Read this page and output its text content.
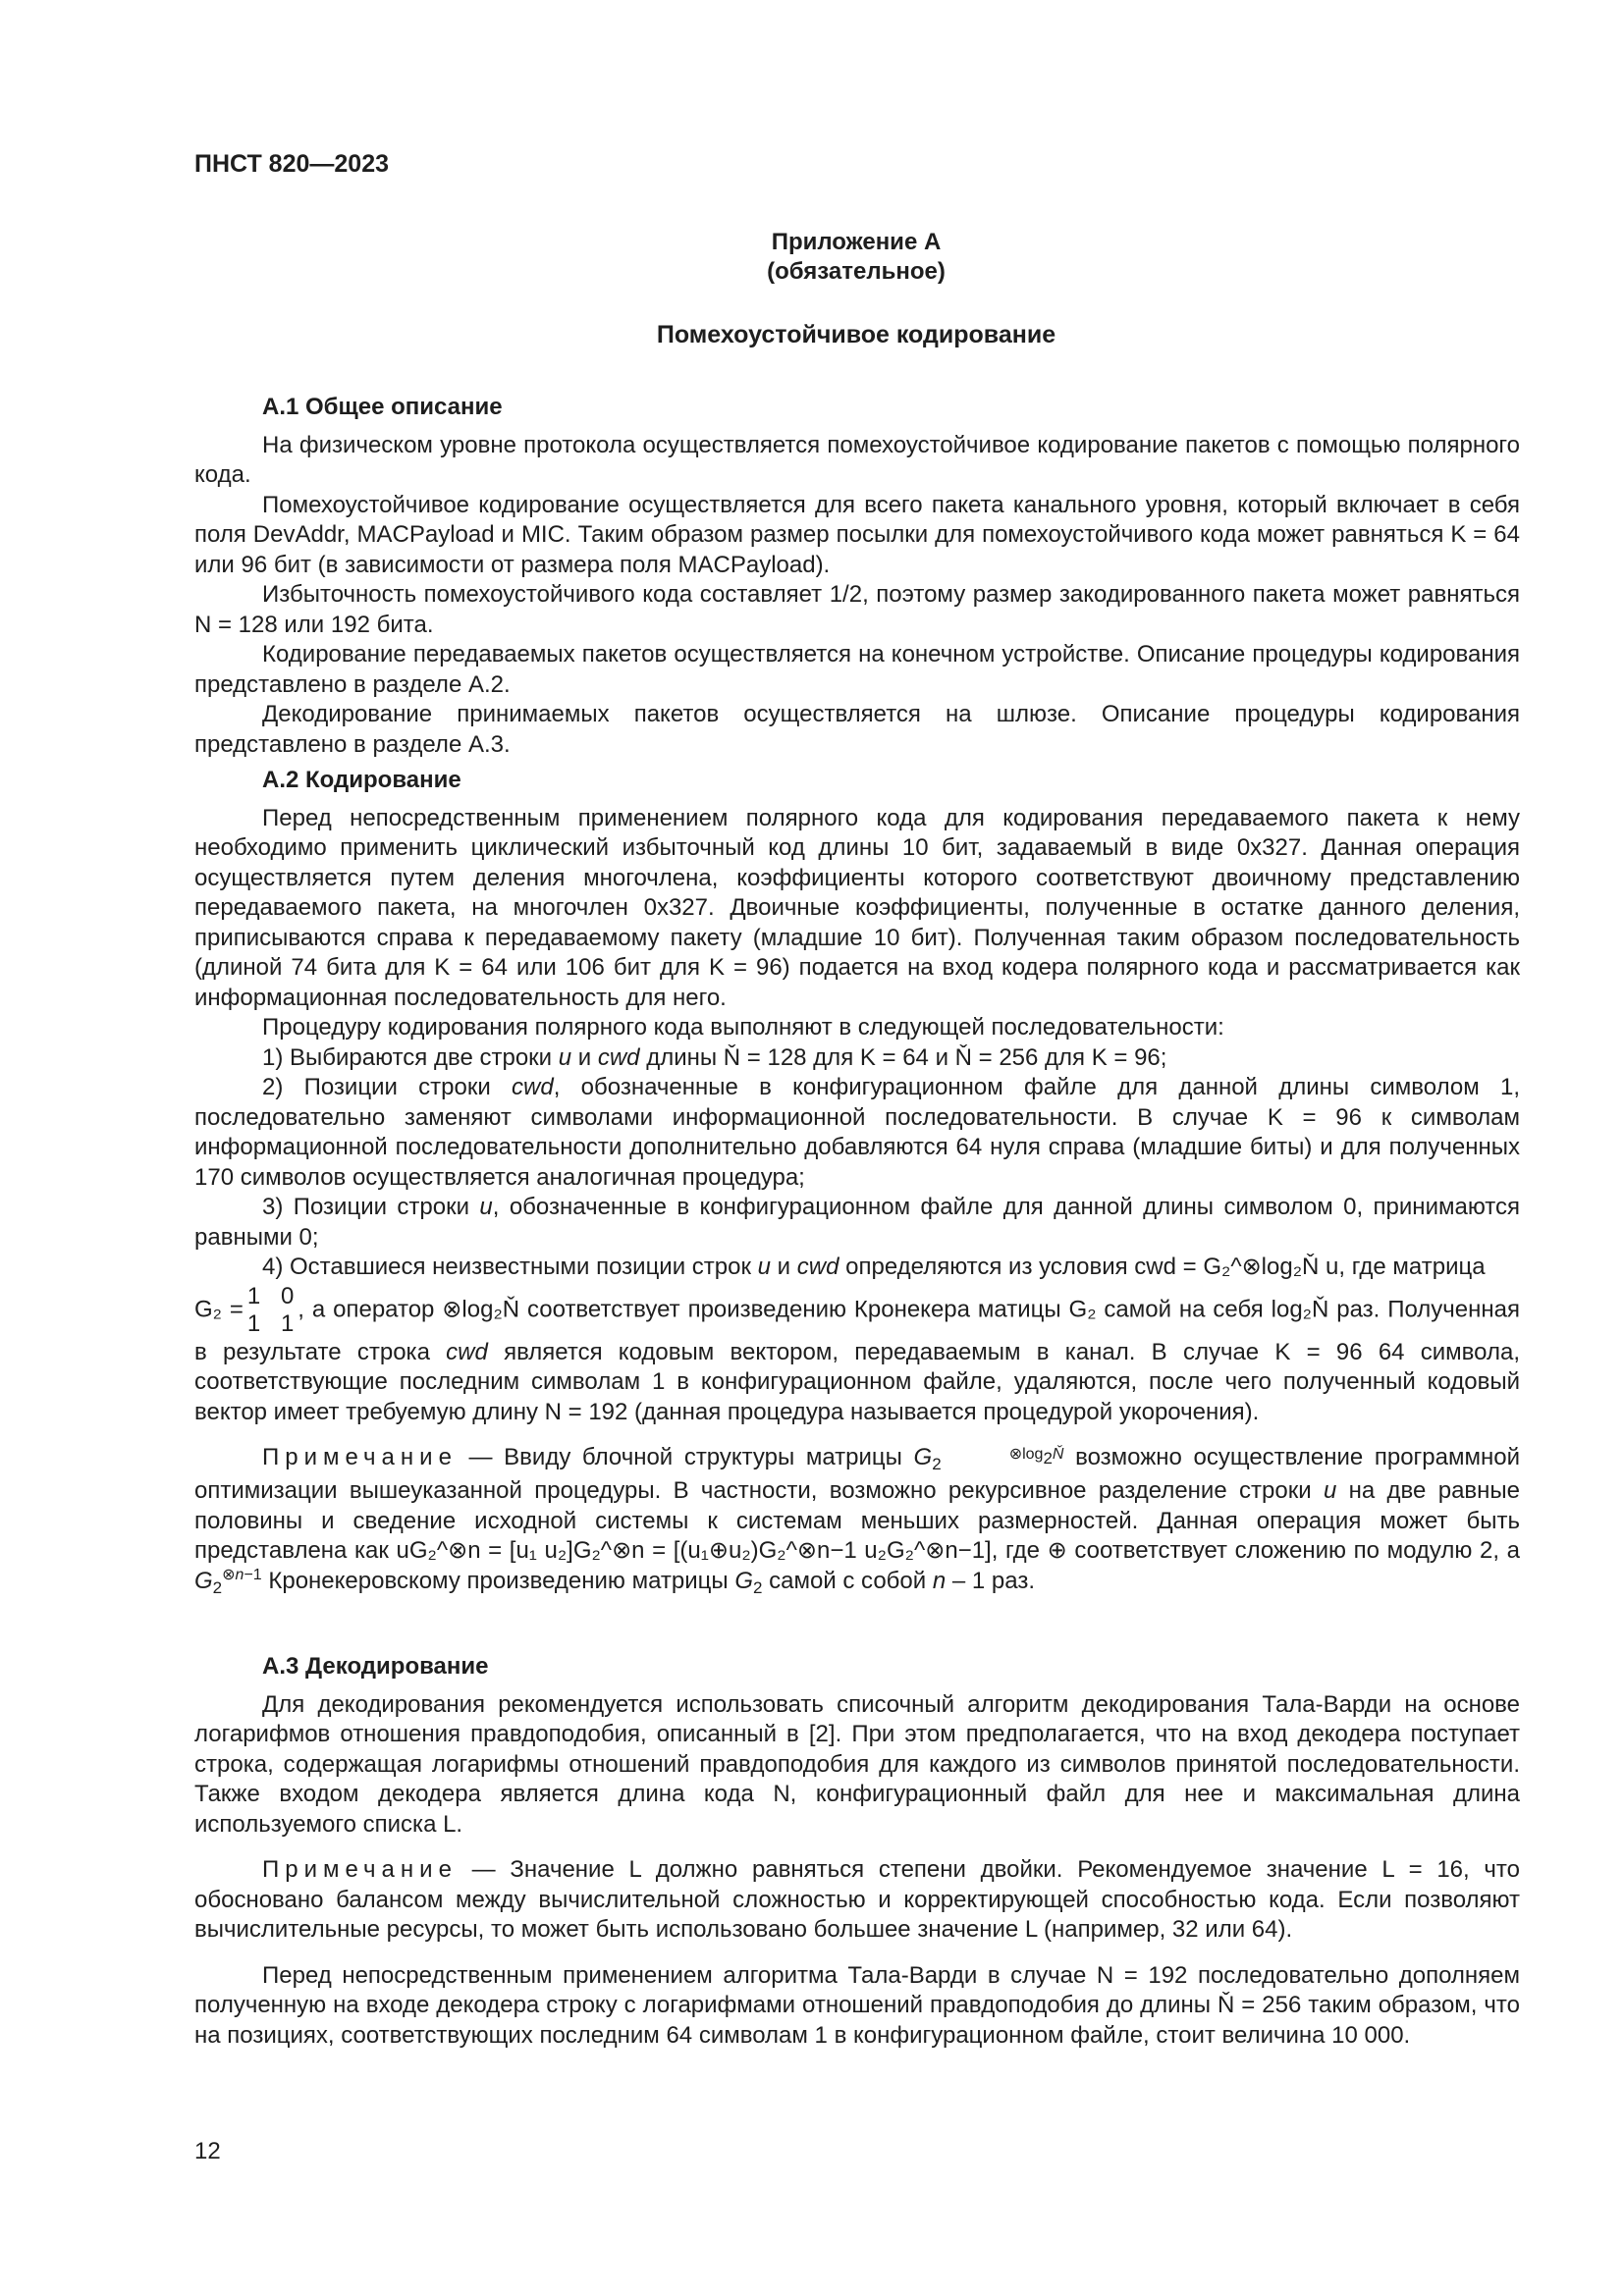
ПНСТ 820—2023
Приложение А
(обязательное)
Помехоустойчивое кодирование
А.1 Общее описание

На физическом уровне протокола осуществляется помехоустойчивое кодирование пакетов с помощью полярного кода.

Помехоустойчивое кодирование осуществляется для всего пакета канального уровня, который включает в себя поля DevAddr, MACPayload и MIC. Таким образом размер посылки для помехоустойчивого кода может равняться K = 64 или 96 бит (в зависимости от размера поля MACPayload).

Избыточность помехоустойчивого кода составляет 1/2, поэтому размер закодированного пакета может равняться N = 128 или 192 бита.

Кодирование передаваемых пакетов осуществляется на конечном устройстве. Описание процедуры кодирования представлено в разделе А.2.

Декодирование принимаемых пакетов осуществляется на шлюзе. Описание процедуры кодирования представлено в разделе А.3.

А.2 Кодирование

Перед непосредственным применением полярного кода для кодирования передаваемого пакета к нему необходимо применить циклический избыточный код длины 10 бит, задаваемый в виде 0x327. Данная операция осуществляется путем деления многочлена, коэффициенты которого соответствуют двоичному представлению передаваемого пакета, на многочлен 0x327. Двоичные коэффициенты, полученные в остатке данного деления, приписываются справа к передаваемому пакету (младшие 10 бит). Полученная таким образом последовательность (длиной 74 бита для K = 64 или 106 бит для K = 96) подается на вход кодера полярного кода и рассматривается как информационная последовательность для него.

Процедуру кодирования полярного кода выполняют в следующей последовательности:

1) Выбираются две строки u и cwd длины Ň = 128 для K = 64 и Ň = 256 для K = 96;

2) Позиции строки cwd, обозначенные в конфигурационном файле для данной длины символом 1, последовательно заменяют символами информационной последовательности. В случае K = 96 к символам информационной последовательности дополнительно добавляются 64 нуля справа (младшие биты) и для полученных 170 символов осуществляется аналогичная процедура;

3) Позиции строки u, обозначенные в конфигурационном файле для данной длины символом 0, принимаются равными 0;

4) Оставшиеся неизвестными позиции строк u и cwd определяются из условия cwd = G₂^⊗log₂Ň u, где матрица

G₂ = 1 0
1 1
, а оператор ⊗log₂Ň соответствует произведению Кронекера матицы G₂ самой на себя log₂Ň раз. Полученная в результате строка cwd является кодовым вектором, передаваемым в канал. В случае K = 96 64 символа, соответствующие последним символам 1 в конфигурационном файле, удаляются, после чего полученный кодовый вектор имеет требуемую длину N = 192 (данная процедура называется процедурой укорочения).

Примечание — Ввиду блочной структуры матрицы $G_2$
$\otimes\log_2Ň$
возможно осуществление программной оптимизации вышеуказанной процедуры. В частности, возможно рекурсивное разделение строки u на две равные половины и сведение исходной системы к системам меньших размерностей. Данная операция может быть представлена как uG₂^⊗n = [u₁ u₂]G₂^⊗n = [(u₁⊕u₂)G₂^⊗n−1 u₂G₂^⊗n−1], где ⊕ соответствует сложению по модулю 2, а $G_2^{\otimes n-1}$ Кронекеровскому произведению матрицы $G_2$ самой с собой n – 1 раз.

А.3 Декодирование

Для декодирования рекомендуется использовать списочный алгоритм декодирования Тала-Варди на основе логарифмов отношения правдоподобия, описанный в [2]. При этом предполагается, что на вход декодера поступает строка, содержащая логарифмы отношений правдоподобия для каждого из символов принятой последовательности. Также входом декодера является длина кода N, конфигурационный файл для нее и максимальная длина используемого списка L.

Примечание — Значение L должно равняться степени двойки. Рекомендуемое значение L = 16, что обосновано балансом между вычислительной сложностью и корректирующей способностью кода. Если позволяют вычислительные ресурсы, то может быть использовано большее значение L (например, 32 или 64).

Перед непосредственным применением алгоритма Тала-Варди в случае N = 192 последовательно дополняем полученную на входе декодера строку с логарифмами отношений правдоподобия до длины Ň = 256 таким образом, что на позициях, соответствующих последним 64 символам 1 в конфигурационном файле, стоит величина 10 000.

12
